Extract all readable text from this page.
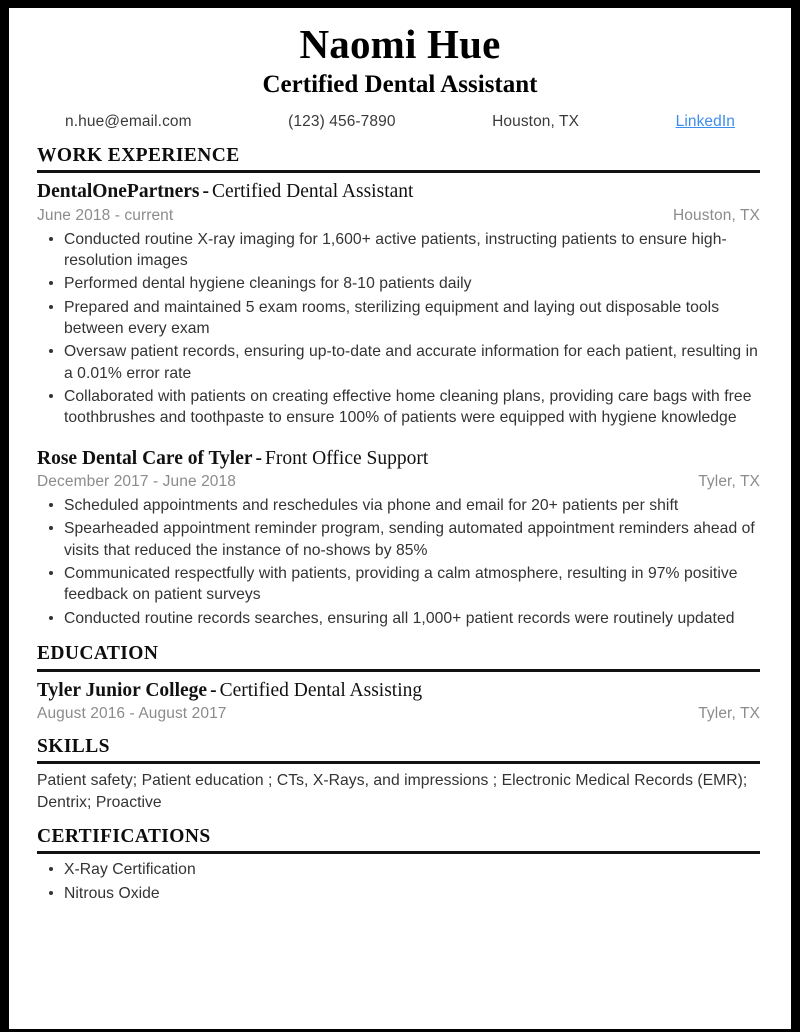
Naomi Hue
Certified Dental Assistant
n.hue@email.com	(123) 456-7890	Houston, TX	LinkedIn
WORK EXPERIENCE
DentalOnePartners - Certified Dental Assistant
June 2018 - current	Houston, TX
Conducted routine X-ray imaging for 1,600+ active patients, instructing patients to ensure high-resolution images
Performed dental hygiene cleanings for 8-10 patients daily
Prepared and maintained 5 exam rooms, sterilizing equipment and laying out disposable tools between every exam
Oversaw patient records, ensuring up-to-date and accurate information for each patient, resulting in a 0.01% error rate
Collaborated with patients on creating effective home cleaning plans, providing care bags with free toothbrushes and toothpaste to ensure 100% of patients were equipped with hygiene knowledge
Rose Dental Care of Tyler - Front Office Support
December 2017 - June 2018	Tyler, TX
Scheduled appointments and reschedules via phone and email for 20+ patients per shift
Spearheaded appointment reminder program, sending automated appointment reminders ahead of visits that reduced the instance of no-shows by 85%
Communicated respectfully with patients, providing a calm atmosphere, resulting in 97% positive feedback on patient surveys
Conducted routine records searches, ensuring all 1,000+ patient records were routinely updated
EDUCATION
Tyler Junior College - Certified Dental Assisting
August 2016 - August 2017	Tyler, TX
SKILLS
Patient safety; Patient education ; CTs, X-Rays, and impressions ; Electronic Medical Records (EMR); Dentrix; Proactive
CERTIFICATIONS
X-Ray Certification
Nitrous Oxide
